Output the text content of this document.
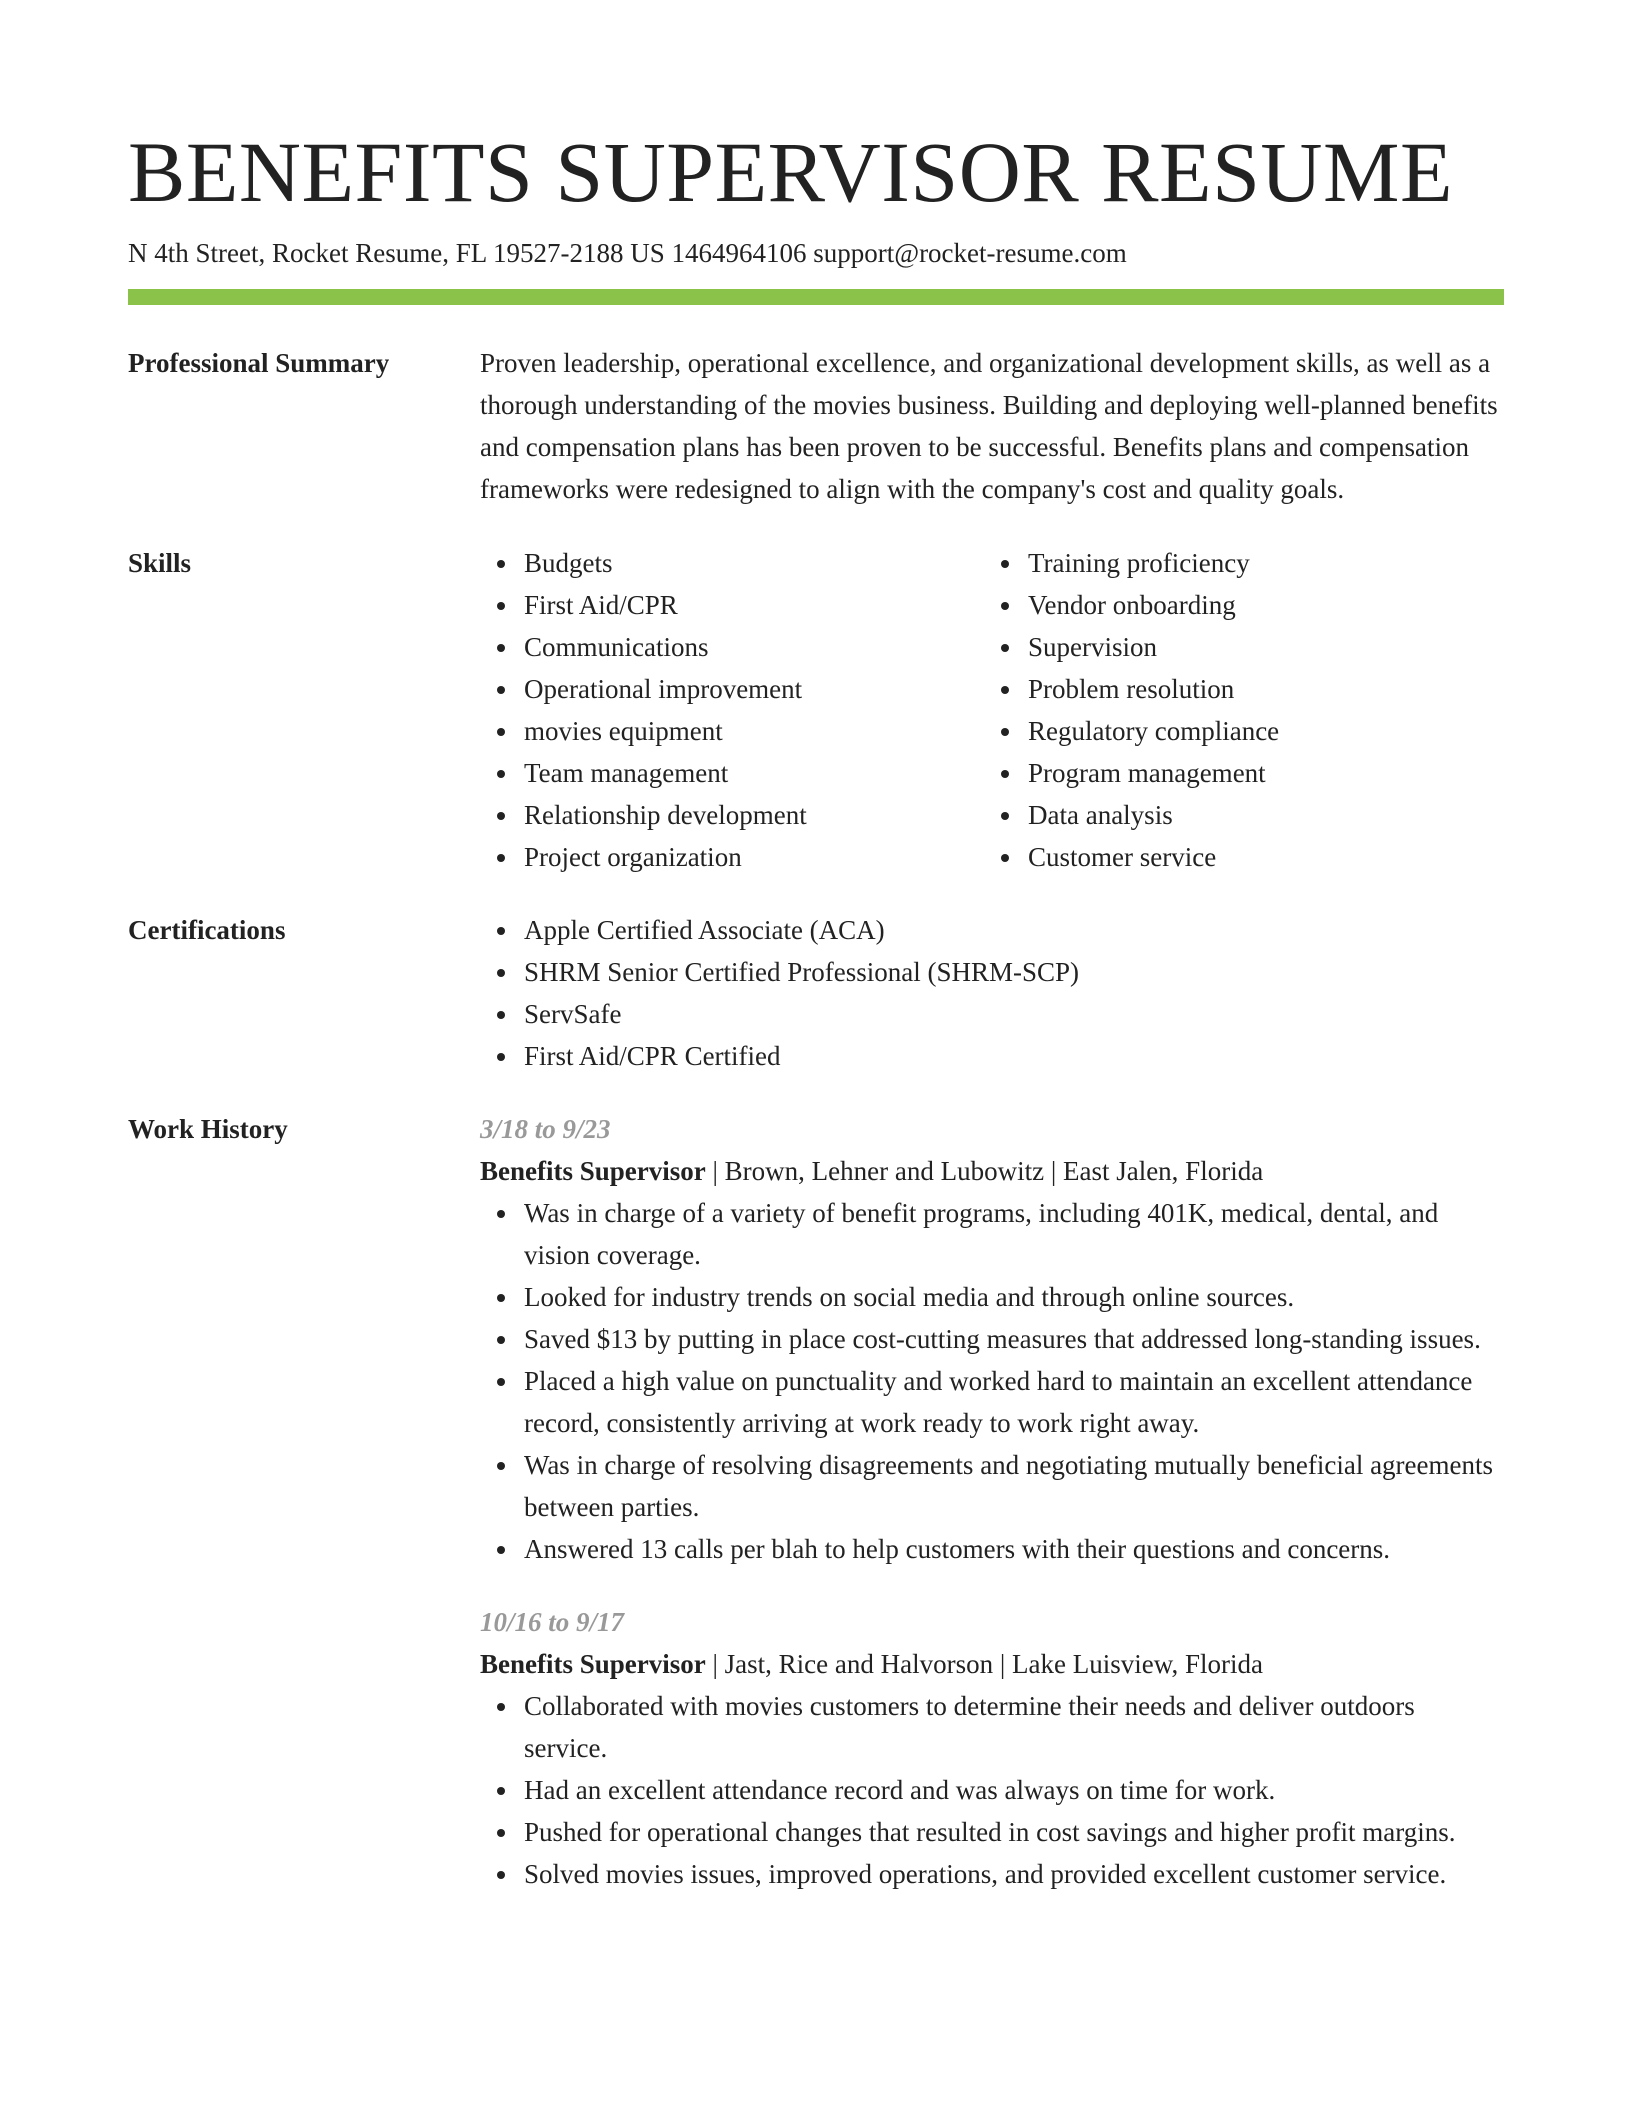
BENEFITS SUPERVISOR RESUME
N 4th Street, Rocket Resume, FL 19527-2188 US 1464964106 support@rocket-resume.com
Professional Summary	Proven leadership, operational excellence, and organizational development skills, as well as a thorough understanding of the movies business. Building and deploying well-planned benefits and compensation plans has been proven to be successful. Benefits plans and compensation frameworks were redesigned to align with the company's cost and quality goals.

Skills	Budgets
First Aid/CPR
Communications
Operational improvement
movies equipment
Team management
Relationship development
Project organization
Training proficiency
Vendor onboarding
Supervision
Problem resolution
Regulatory compliance
Program management
Data analysis
Customer service
Certifications	Apple Certified Associate (ACA)
SHRM Senior Certified Professional (SHRM-SCP)
ServSafe
First Aid/CPR Certified
Work History	3/18 to 9/23
Benefits Supervisor | Brown, Lehner and Lubowitz | East Jalen, Florida
Was in charge of a variety of benefit programs, including 401K, medical, dental, and vision coverage.
Looked for industry trends on social media and through online sources.
Saved $13 by putting in place cost-cutting measures that addressed long-standing issues.
Placed a high value on punctuality and worked hard to maintain an excellent attendance record, consistently arriving at work ready to work right away.
Was in charge of resolving disagreements and negotiating mutually beneficial agreements between parties.
Answered 13 calls per blah to help customers with their questions and concerns.
10/16 to 9/17
Benefits Supervisor | Jast, Rice and Halvorson | Lake Luisview, Florida
Collaborated with movies customers to determine their needs and deliver outdoors service.
Had an excellent attendance record and was always on time for work.
Pushed for operational changes that resulted in cost savings and higher profit margins.
Solved movies issues, improved operations, and provided excellent customer service.
